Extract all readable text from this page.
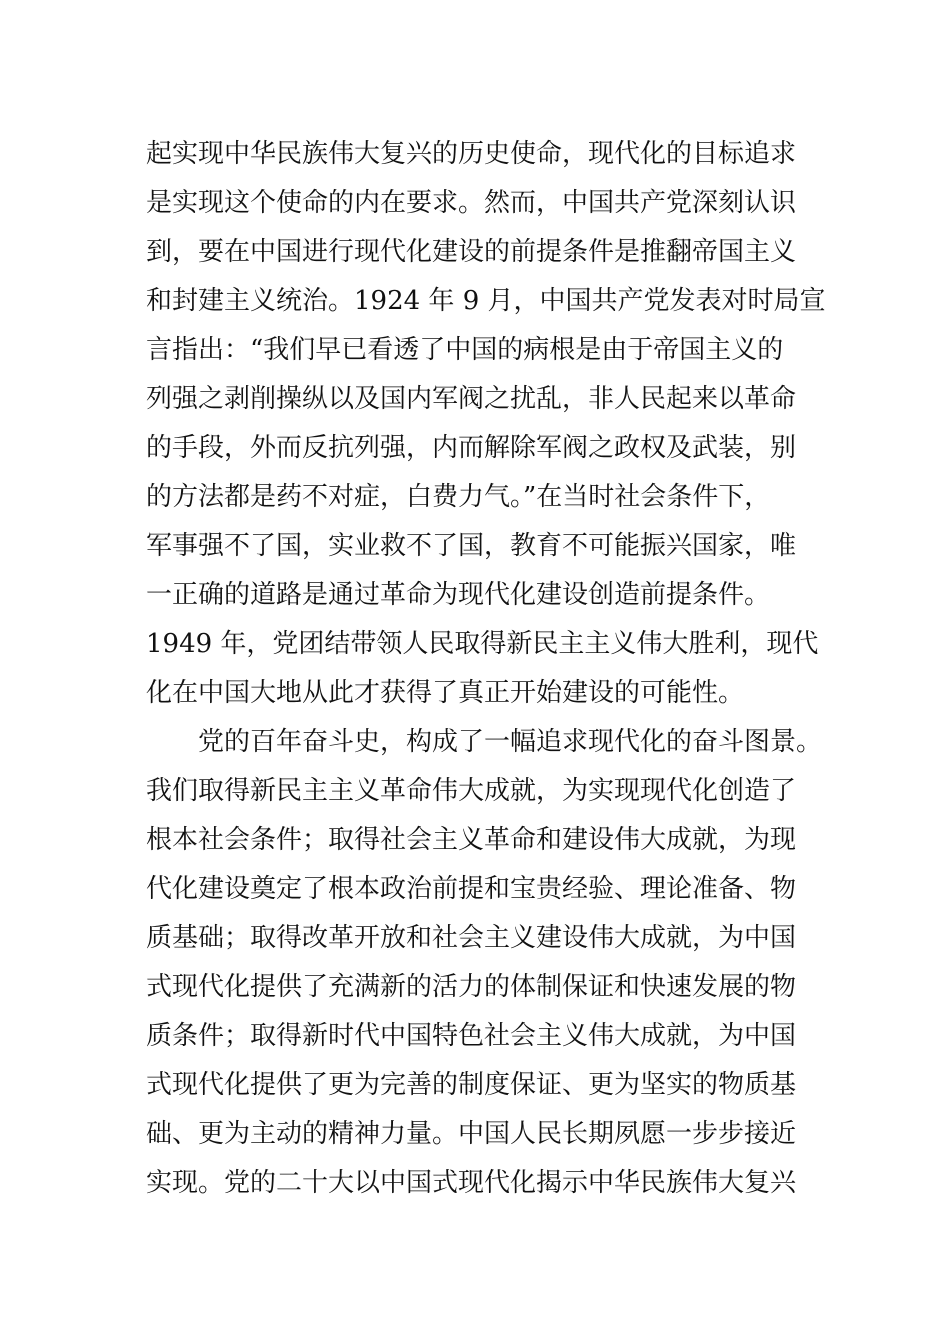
起实现中华民族伟大复兴的历史使命，现代化的目标追求
是实现这个使命的内在要求。然而，中国共产党深刻认识
到，要在中国进行现代化建设的前提条件是推翻帝国主义
和封建主义统治。1924 年 9 月，中国共产党发表对时局宣
言指出：“我们早已看透了中国的病根是由于帝国主义的
列强之剥削操纵以及国内军阀之扰乱，非人民起来以革命
的手段，外而反抗列强，内而解除军阀之政权及武装，别
的方法都是药不对症，白费力气。”在当时社会条件下，
军事强不了国，实业救不了国，教育不可能振兴国家，唯
一正确的道路是通过革命为现代化建设创造前提条件。
1949 年，党团结带领人民取得新民主主义伟大胜利，现代
化在中国大地从此才获得了真正开始建设的可能性。
党的百年奋斗史，构成了一幅追求现代化的奋斗图景。
我们取得新民主主义革命伟大成就，为实现现代化创造了
根本社会条件；取得社会主义革命和建设伟大成就，为现
代化建设奠定了根本政治前提和宝贵经验、理论准备、物
质基础；取得改革开放和社会主义建设伟大成就，为中国
式现代化提供了充满新的活力的体制保证和快速发展的物
质条件；取得新时代中国特色社会主义伟大成就，为中国
式现代化提供了更为完善的制度保证、更为坚实的物质基
础、更为主动的精神力量。中国人民长期夙愿一步步接近
实现。党的二十大以中国式现代化揭示中华民族伟大复兴
